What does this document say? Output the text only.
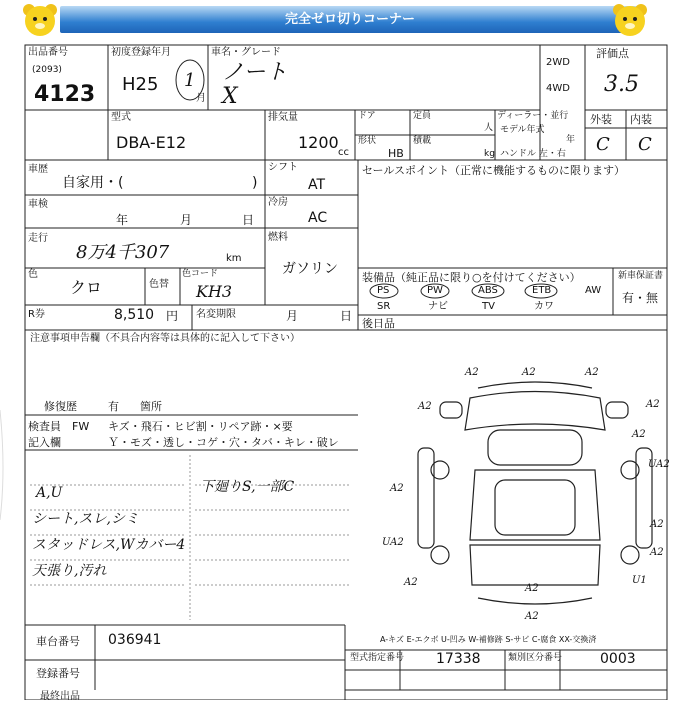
完全ゼロ切りコーナー
出品番号
(2093)
4123
初度登録年月
H25 1
月
車名・グレード
ノート
X
2WD
4WD
評価点
3.5
外装 内装
C C
型式
DBA-E12
排気量
1200
cc
ドア	定員
人
形状
HB
積載
kg
ディーラー・並行
モデル年式
年
ハンドル 左・右
車歴
自家用・(	)
シフト
AT
セールスポイント（正常に機能するものに限ります）
車検
年	月	日
冷房
AC
走行
8万4千307	km
燃料
ガソリン
色
クロ	色替
色コード
KH3
装備品（純正品に限り○を付けてください）
PS	PW	ABS	ETB	AW
SR	ナビ	TV	カワ
新車保証書
有・無
R券	8,510 円 名変期限	月	日
後日品
注意事項申告欄（不具合内容等は具体的に記入して下さい）
修復歴	有 箇所
検査員
記入欄
FW キズ・飛石・ヒビ割・リペア跡・×要
Ｙ・モズ・透し・コゲ・穴・タバ・キレ・破レ
A,U
シート,スレ,シミ
スタッドレス,Wカバー4
天張り,汚れ
下廻りS,一部C
A2	A2	A2
A2	A2
A2
UA2
A2
A2
UA2
A2
A2
A2
U1
A2
A-キズ E-エクボ U-凹み W-補修跡 S-サビ C-腐食 XX-交換済
車台番号 036941
登録番号
型式指定番号 17338	類別区分番号	0003
最終出品
